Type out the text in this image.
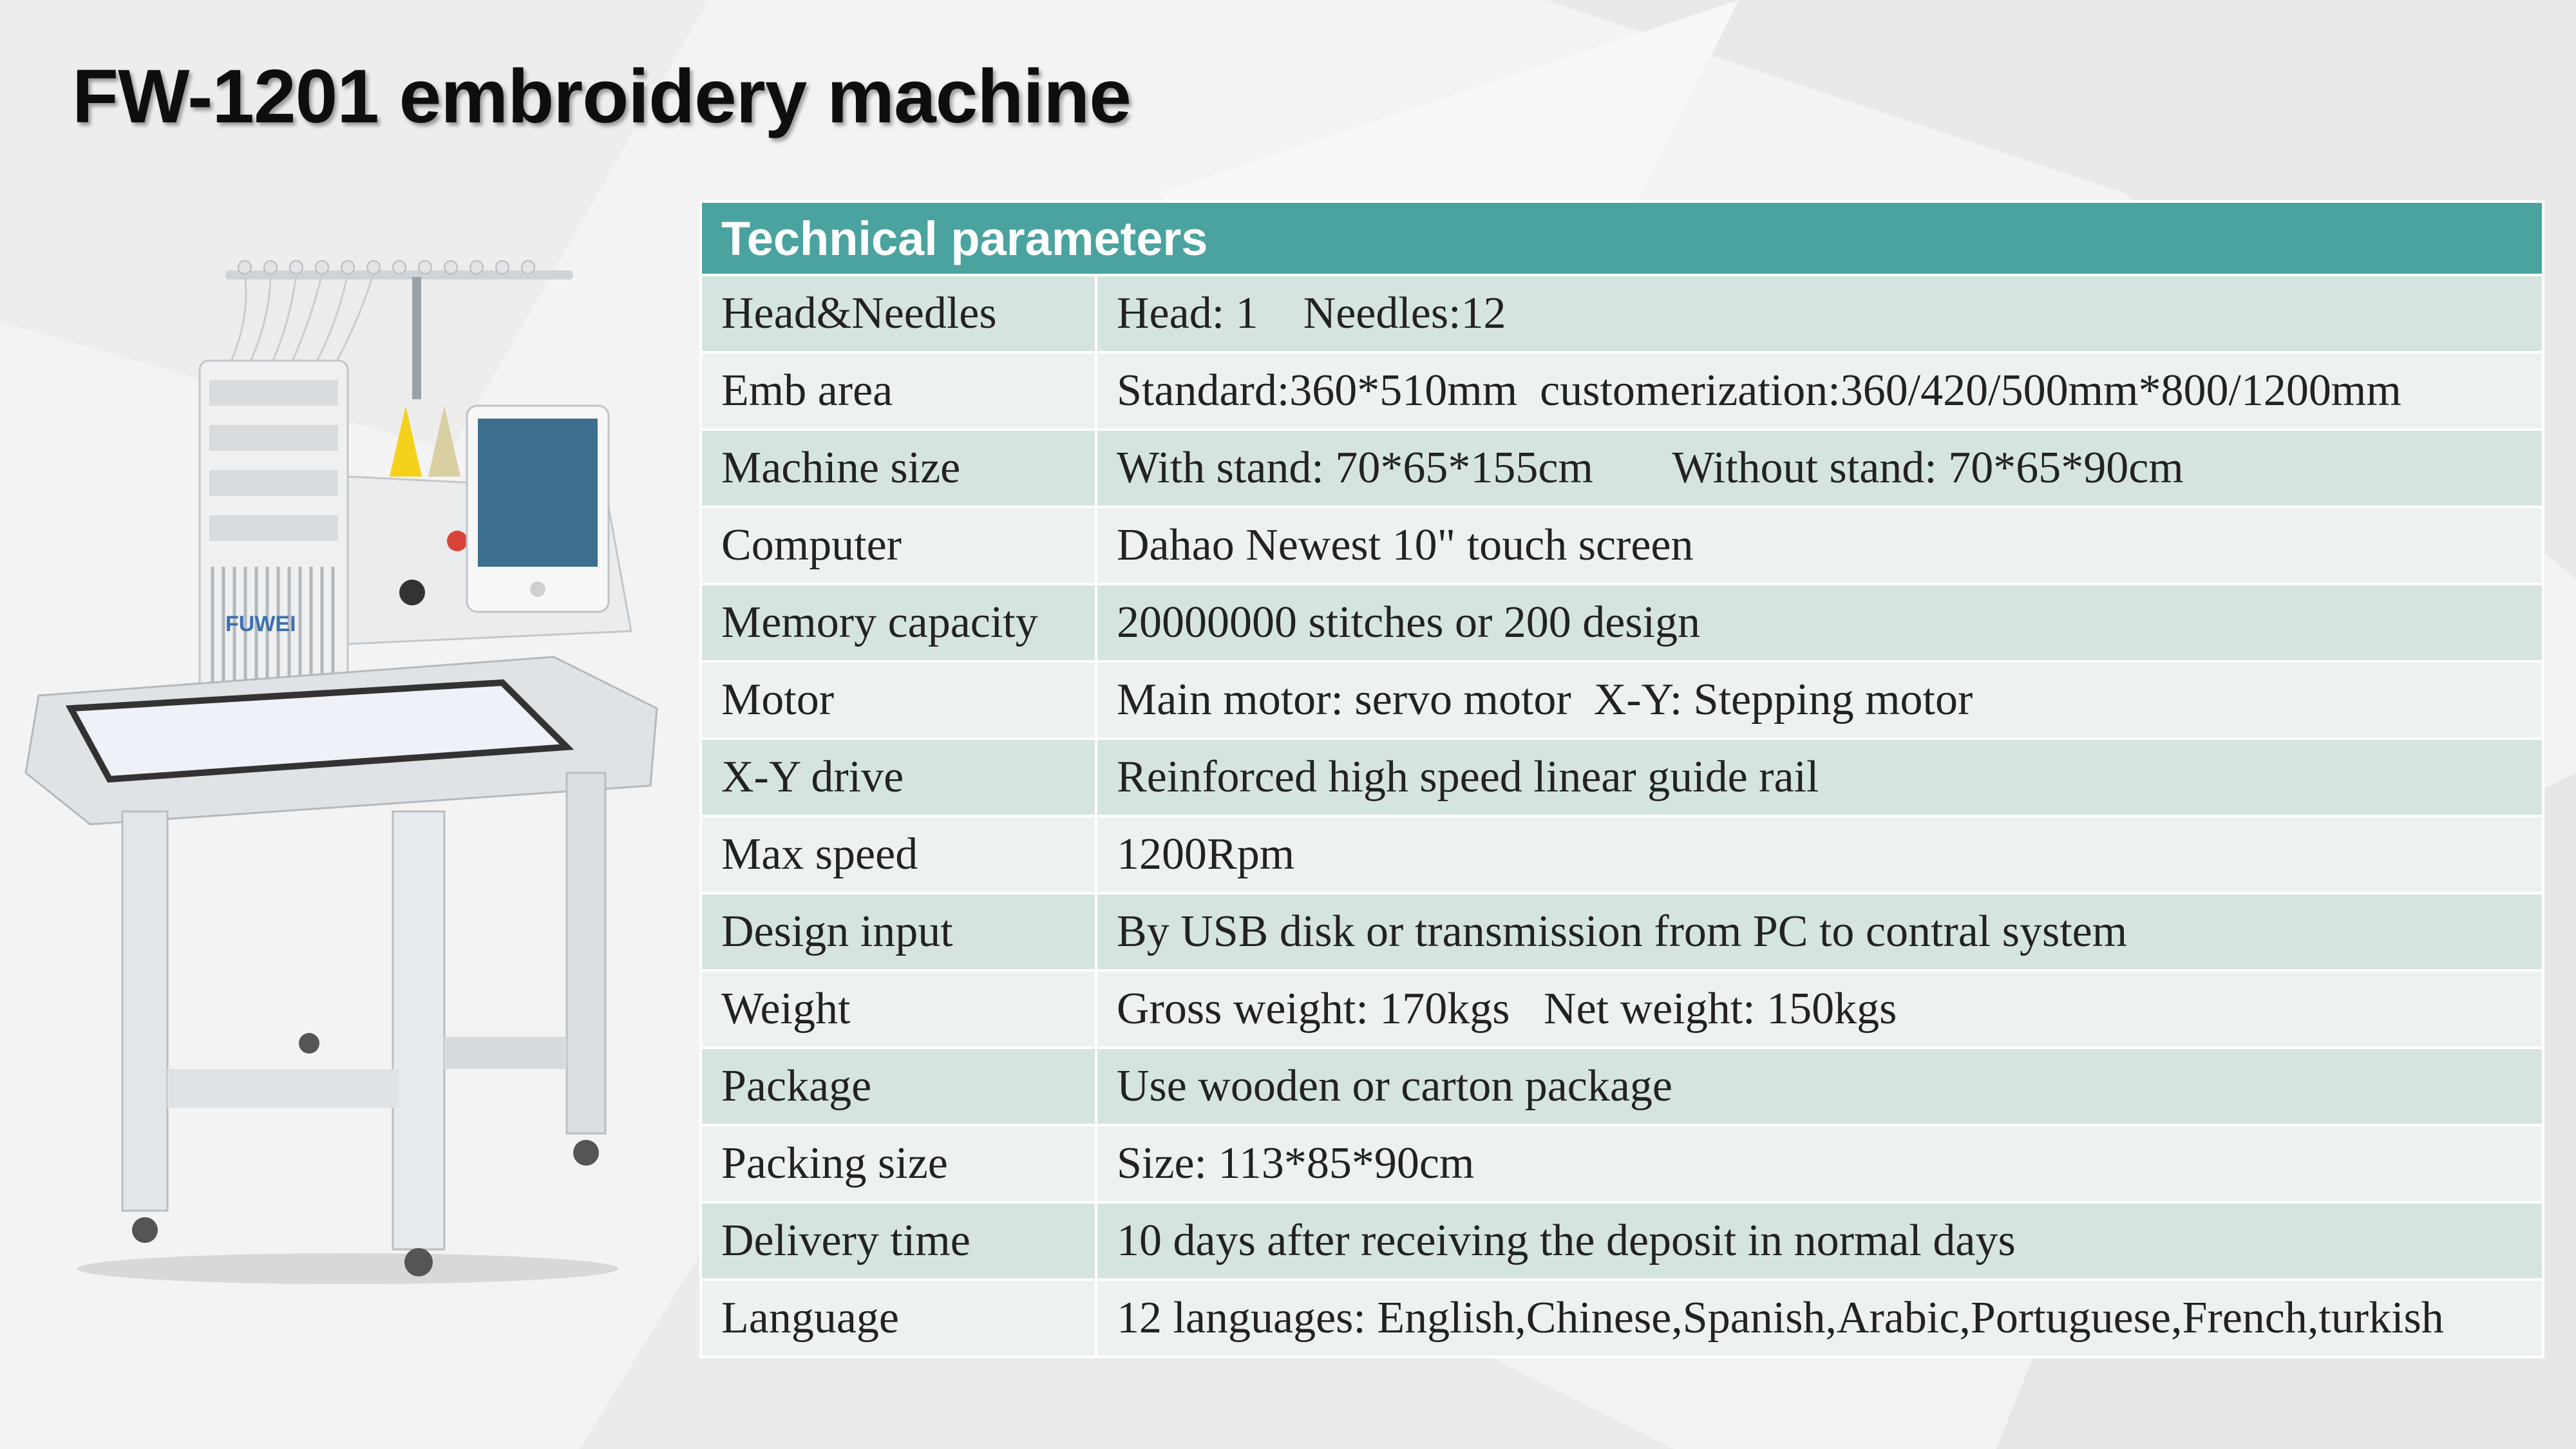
FW-1201 embroidery machine
FUWEI
Technical parameters	
Head&Needles	Head: 1    Needles:12
Emb area	Standard:360*510mm  customerization:360/420/500mm*800/1200mm
Machine size	With stand: 70*65*155cm       Without stand: 70*65*90cm
Computer	Dahao Newest 10" touch screen
Memory capacity	20000000 stitches or 200 design
Motor	Main motor: servo motor  X-Y: Stepping motor
X-Y drive	Reinforced high speed linear guide rail
Max speed	1200Rpm
Design input	By USB disk or transmission from PC to contral system
Weight	Gross weight: 170kgs   Net weight: 150kgs
Package	Use wooden or carton package
Packing size	Size: 113*85*90cm
Delivery time	10 days after receiving the deposit in normal days
Language	12 languages: English,Chinese,Spanish,Arabic,Portuguese,French,turkish
